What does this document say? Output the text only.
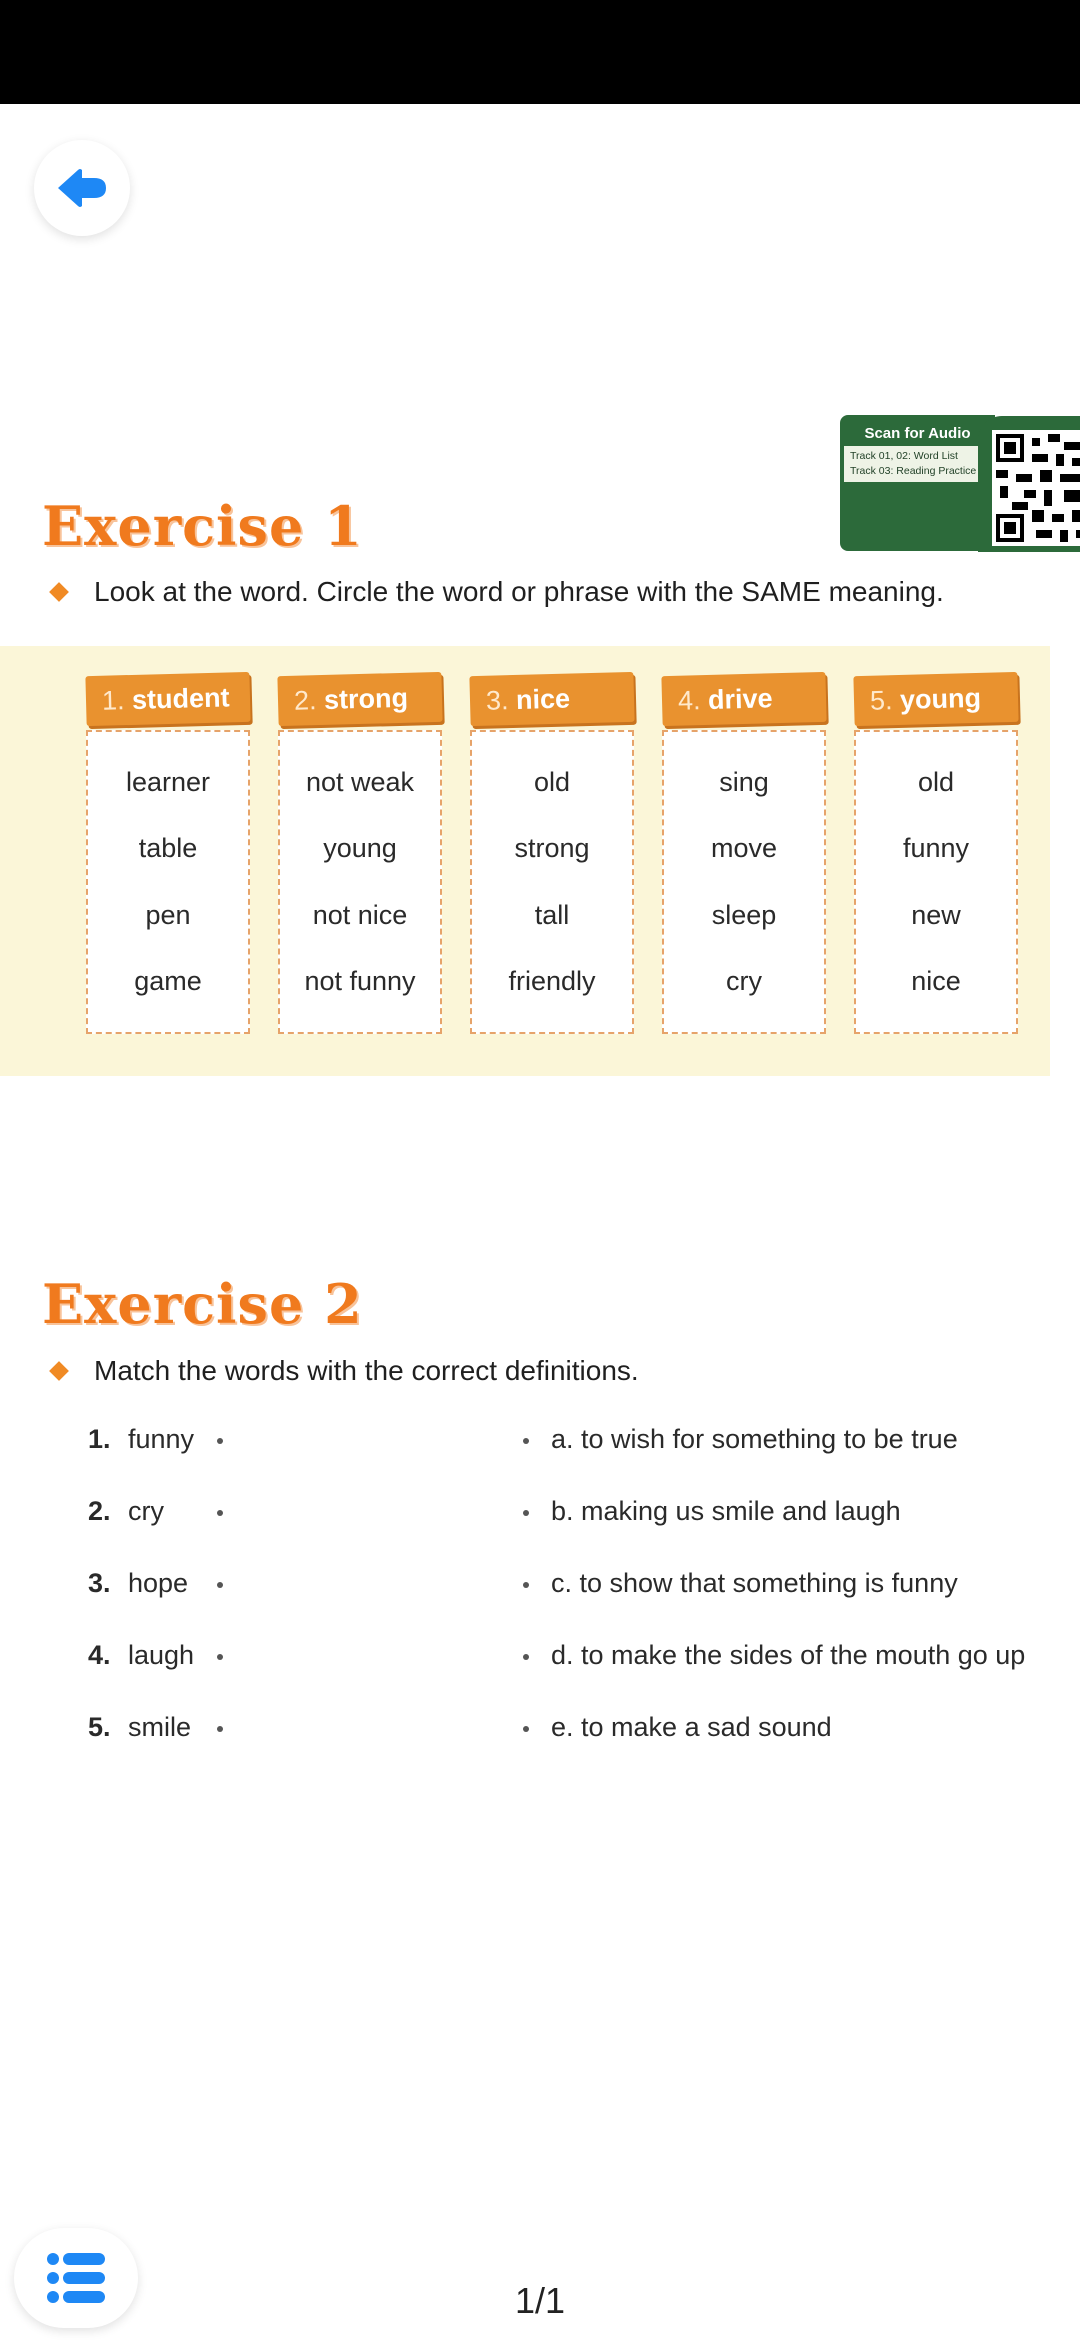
Exercise 1
Scan for Audio
Track 01, 02: Word List
Track 03: Reading Practice
Look at the word. Circle the word or phrase with the SAME meaning.
1. student
learner
table
pen
game
2. strong
not weak
young
not nice
not funny
3. nice
old
strong
tall
friendly
4. drive
sing
move
sleep
cry
5. young
old
funny
new
nice
Exercise 2
Match the words with the correct definitions.
1. funny
2. cry
3. hope
4. laugh
5. smile
a. to wish for something to be true
b. making us smile and laugh
c. to show that something is funny
d. to make the sides of the mouth go up
e. to make a sad sound
1/1
